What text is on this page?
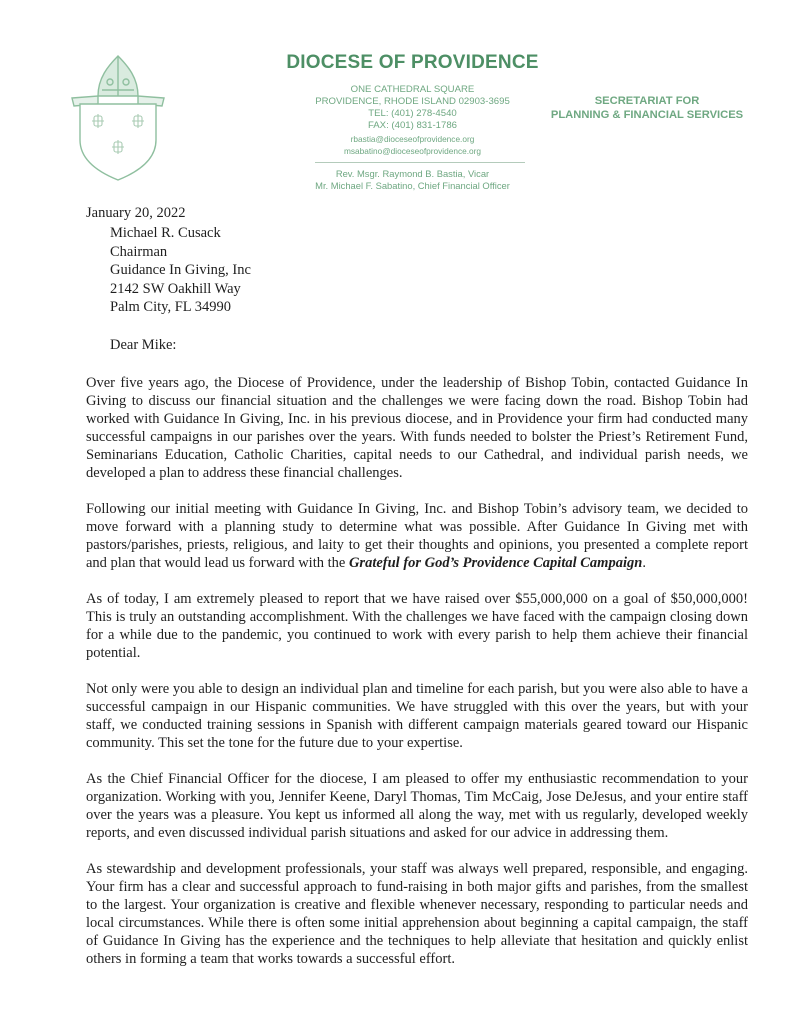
DIOCESE OF PROVIDENCE
ONE CATHEDRAL SQUARE
PROVIDENCE, RHODE ISLAND 02903-3695
TEL: (401) 278-4540
FAX: (401) 831-1786
rbastia@dioceseofprovidence.org
msabatino@dioceseofprovidence.org
Rev. Msgr. Raymond B. Bastia, Vicar
Mr. Michael F. Sabatino, Chief Financial Officer
SECRETARIAT FOR
PLANNING & FINANCIAL SERVICES
January 20, 2022
Michael R. Cusack
Chairman
Guidance In Giving, Inc
2142 SW Oakhill Way
Palm City, FL 34990
Dear Mike:

Over five years ago, the Diocese of Providence, under the leadership of Bishop Tobin, contacted Guidance In Giving to discuss our financial situation and the challenges we were facing down the road. Bishop Tobin had worked with Guidance In Giving, Inc. in his previous diocese, and in Providence your firm had conducted many successful campaigns in our parishes over the years. With funds needed to bolster the Priest’s Retirement Fund, Seminarians Education, Catholic Charities, capital needs to our Cathedral, and individual parish needs, we developed a plan to address these financial challenges.

Following our initial meeting with Guidance In Giving, Inc. and Bishop Tobin’s advisory team, we decided to move forward with a planning study to determine what was possible. After Guidance In Giving met with pastors/parishes, priests, religious, and laity to get their thoughts and opinions, you presented a complete report and plan that would lead us forward with the Grateful for God’s Providence Capital Campaign.

As of today, I am extremely pleased to report that we have raised over $55,000,000 on a goal of $50,000,000! This is truly an outstanding accomplishment. With the challenges we have faced with the campaign closing down for a while due to the pandemic, you continued to work with every parish to help them achieve their financial potential.

Not only were you able to design an individual plan and timeline for each parish, but you were also able to have a successful campaign in our Hispanic communities. We have struggled with this over the years, but with your staff, we conducted training sessions in Spanish with different campaign materials geared toward our Hispanic community. This set the tone for the future due to your expertise.

As the Chief Financial Officer for the diocese, I am pleased to offer my enthusiastic recommendation to your organization. Working with you, Jennifer Keene, Daryl Thomas, Tim McCaig, Jose DeJesus, and your entire staff over the years was a pleasure. You kept us informed all along the way, met with us regularly, developed weekly reports, and even discussed individual parish situations and asked for our advice in addressing them.

As stewardship and development professionals, your staff was always well prepared, responsible, and engaging. Your firm has a clear and successful approach to fund-raising in both major gifts and parishes, from the smallest to the largest. Your organization is creative and flexible whenever necessary, responding to particular needs and local circumstances. While there is often some initial apprehension about beginning a capital campaign, the staff of Guidance In Giving has the experience and the techniques to help alleviate that hesitation and quickly enlist others in forming a team that works towards a successful effort.
